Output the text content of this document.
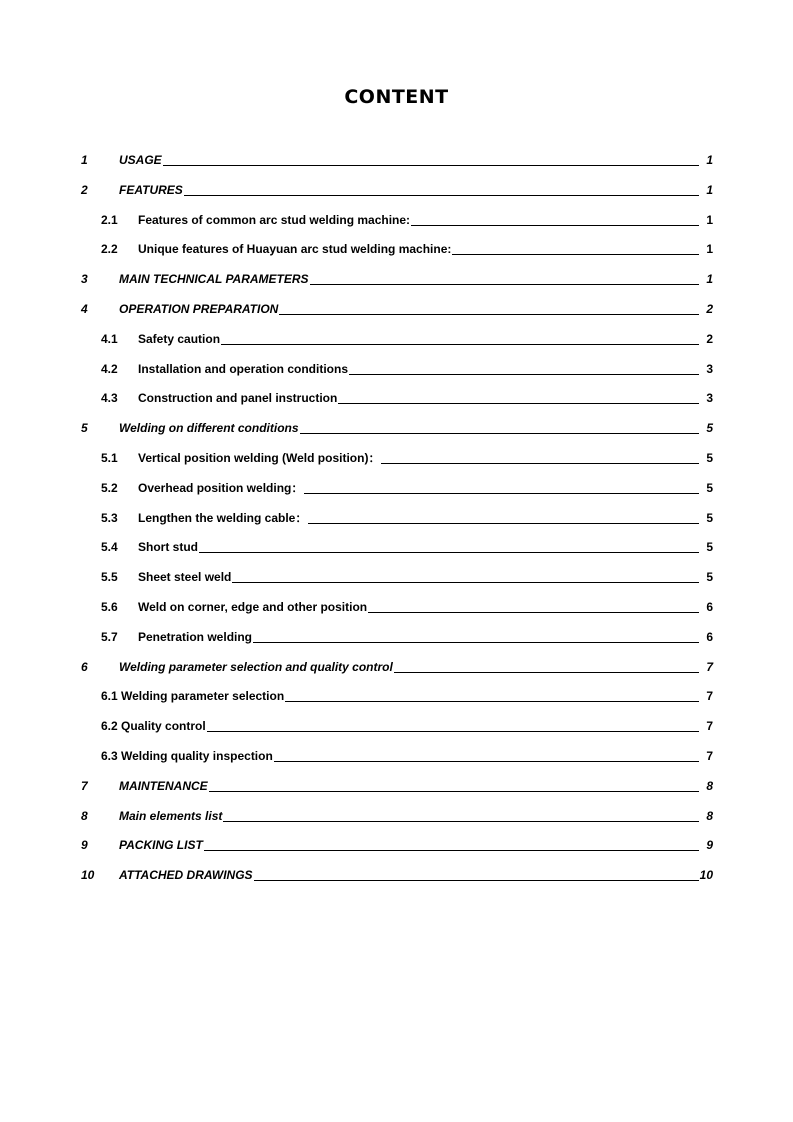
CONTENT
1	USAGE	1
2	FEATURES	1
2.1 Features of common arc stud welding machine:	1
2.2 Unique features of Huayuan arc stud welding machine:	1
3	MAIN TECHNICAL PARAMETERS	1
4	OPERATION PREPARATION	2
4.1 Safety caution	2
4.2 Installation and operation conditions	3
4.3 Construction and panel instruction	3
5	Welding on different conditions	5
5.1 Vertical position welding (Weld position)：	5
5.2 Overhead position welding：	5
5.3 Lengthen the welding cable：	5
5.4 Short stud	5
5.5 Sheet steel weld	5
5.6 Weld on corner, edge and other position	6
5.7 Penetration welding	6
6	Welding parameter selection and quality control	7
6.1 Welding parameter selection	7
6.2 Quality control	7
6.3 Welding quality inspection	7
7	MAINTENANCE	8
8	Main elements list	8
9	PACKING LIST	9
10 ATTACHED DRAWINGS	10
